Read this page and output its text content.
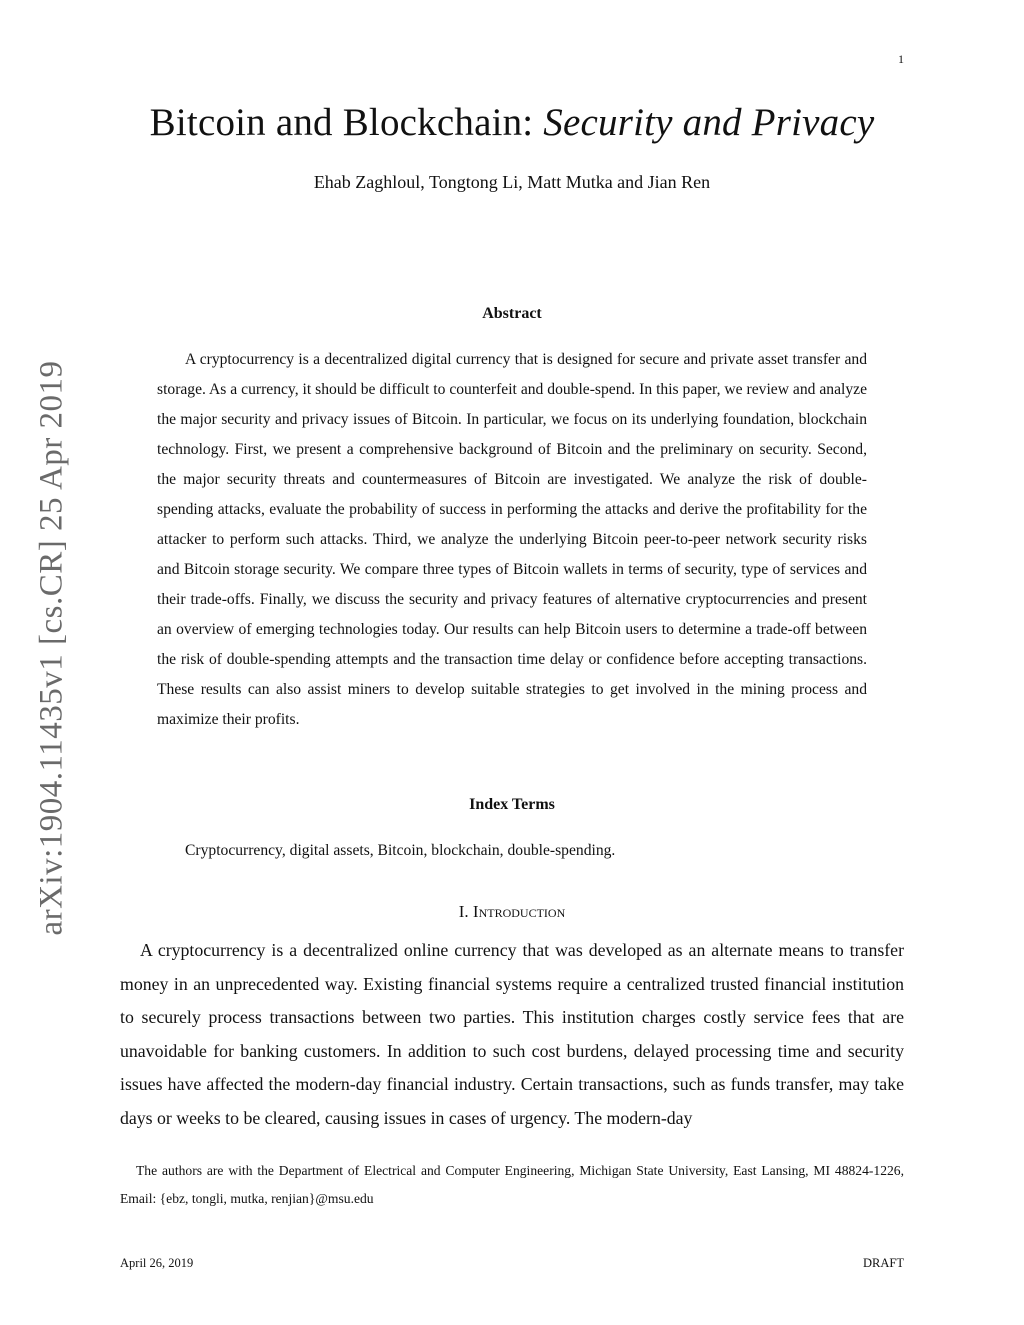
1
Bitcoin and Blockchain: Security and Privacy
Ehab Zaghloul, Tongtong Li, Matt Mutka and Jian Ren
arXiv:1904.11435v1 [cs.CR] 25 Apr 2019
Abstract

A cryptocurrency is a decentralized digital currency that is designed for secure and private asset transfer and storage. As a currency, it should be difficult to counterfeit and double-spend. In this paper, we review and analyze the major security and privacy issues of Bitcoin. In particular, we focus on its underlying foundation, blockchain technology. First, we present a comprehensive background of Bitcoin and the preliminary on security. Second, the major security threats and countermeasures of Bitcoin are investigated. We analyze the risk of double-spending attacks, evaluate the probability of success in performing the attacks and derive the profitability for the attacker to perform such attacks. Third, we analyze the underlying Bitcoin peer-to-peer network security risks and Bitcoin storage security. We compare three types of Bitcoin wallets in terms of security, type of services and their trade-offs. Finally, we discuss the security and privacy features of alternative cryptocurrencies and present an overview of emerging technologies today. Our results can help Bitcoin users to determine a trade-off between the risk of double-spending attempts and the transaction time delay or confidence before accepting transactions. These results can also assist miners to develop suitable strategies to get involved in the mining process and maximize their profits.

Index Terms
Cryptocurrency, digital assets, Bitcoin, blockchain, double-spending.
I. Introduction

A cryptocurrency is a decentralized online currency that was developed as an alternate means to transfer money in an unprecedented way. Existing financial systems require a centralized trusted financial institution to securely process transactions between two parties. This institution charges costly service fees that are unavoidable for banking customers. In addition to such cost burdens, delayed processing time and security issues have affected the modern-day financial industry. Certain transactions, such as funds transfer, may take days or weeks to be cleared, causing issues in cases of urgency. The modern-day

The authors are with the Department of Electrical and Computer Engineering, Michigan State University, East Lansing, MI 48824-1226, Email: {ebz, tongli, mutka, renjian}@msu.edu

April 26, 2019	DRAFT
